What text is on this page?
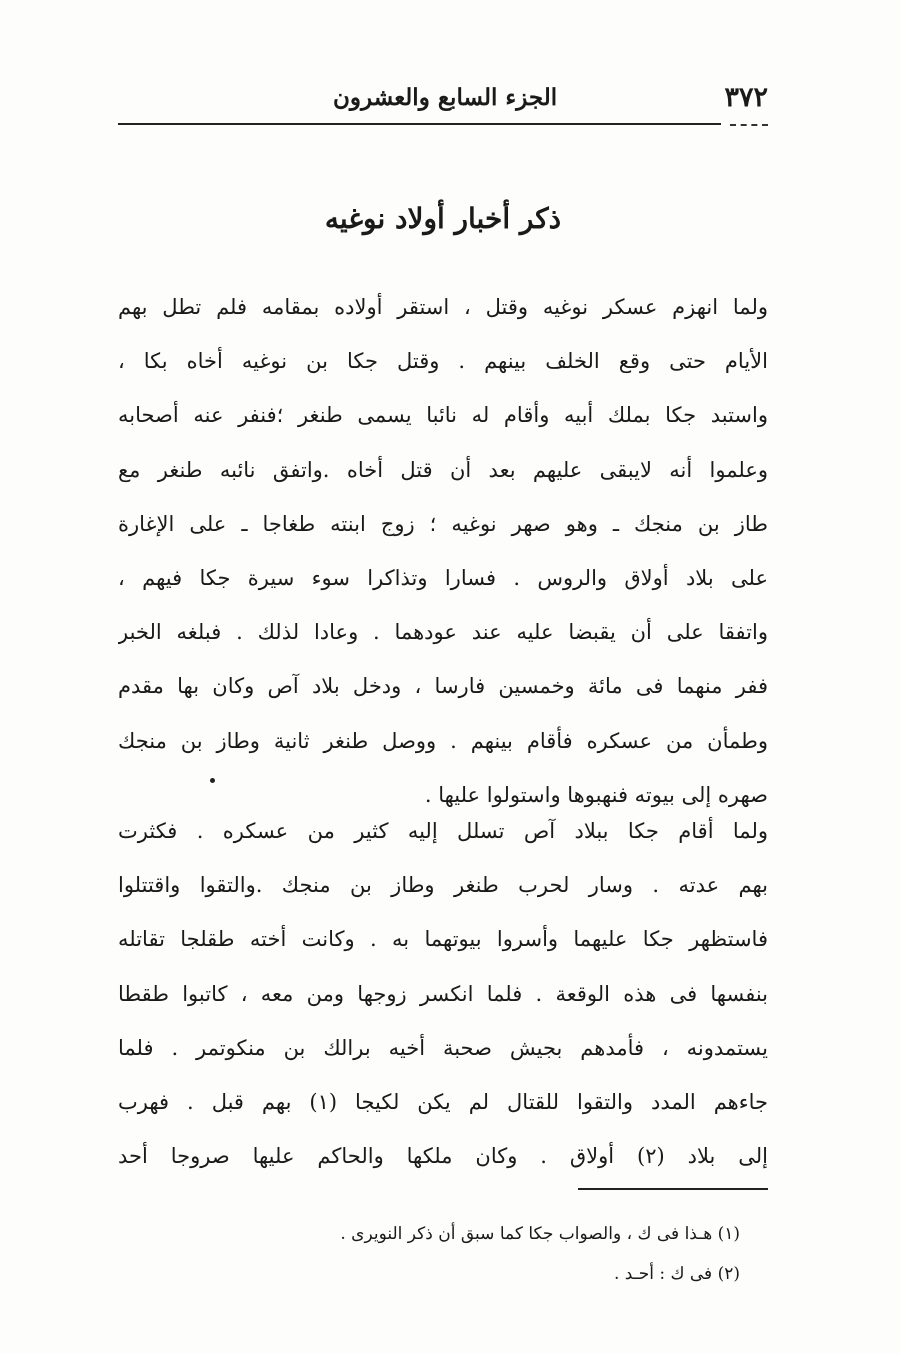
٣٧٢
الجزء السابع والعشرون
ذكر أخبار أولاد نوغيه
ولما انهزم عسكر نوغيه وقتل ، استقر أولاده بمقامه فلم تطل بهم
الأيام حتى وقع الخلف بينهم . وقتل جكا بن نوغيه أخاه بكا ،
واستبد جكا بملك أبيه وأقام له نائبا يسمى طنغر ؛فنفر عنه أصحابه
وعلموا أنه لايبقى عليهم بعد أن قتل أخاه .واتفق نائبه طنغر مع
طاز بن منجك ـ وهو صهر نوغيه ؛ زوج ابنته طغاجا ـ على الإغارة
على بلاد أولاق والروس . فسارا وتذاكرا سوء سيرة جكا فيهم ،
واتفقا على أن يقبضا عليه عند عودهما . وعادا لذلك . فبلغه الخبر
ففر منهما فى مائة وخمسين فارسا ، ودخل بلاد آص وكان بها مقدم
وطمأن من عسكره فأقام بينهم . ووصل طنغر ثانية وطاز بن منجك
صهره إلى بيوته فنهبوها واستولوا عليها .
ولما أقام جكا ببلاد آص تسلل إليه كثير من عسكره . فكثرت
بهم عدته . وسار لحرب طنغر وطاز بن منجك .والتقوا واقتتلوا
فاستظهر جكا عليهما وأسروا بيوتهما به . وكانت أخته طقلجا تقاتله
بنفسها فى هذه الوقعة . فلما انكسر زوجها ومن معه ، كاتبوا طقطا
يستمدونه ، فأمدهم بجيش صحبة أخيه برالك بن منكوتمر . فلما
جاءهم المدد والتقوا للقتال لم يكن لكيجا (١) بهم قبل . فهرب
إلى بلاد (٢) أولاق . وكان ملكها والحاكم عليها صروجا أحد
(١) هـذا فى ك ، والصواب جكا كما سبق أن ذكر النويرى .
(٢) فى ك : أحـد .
